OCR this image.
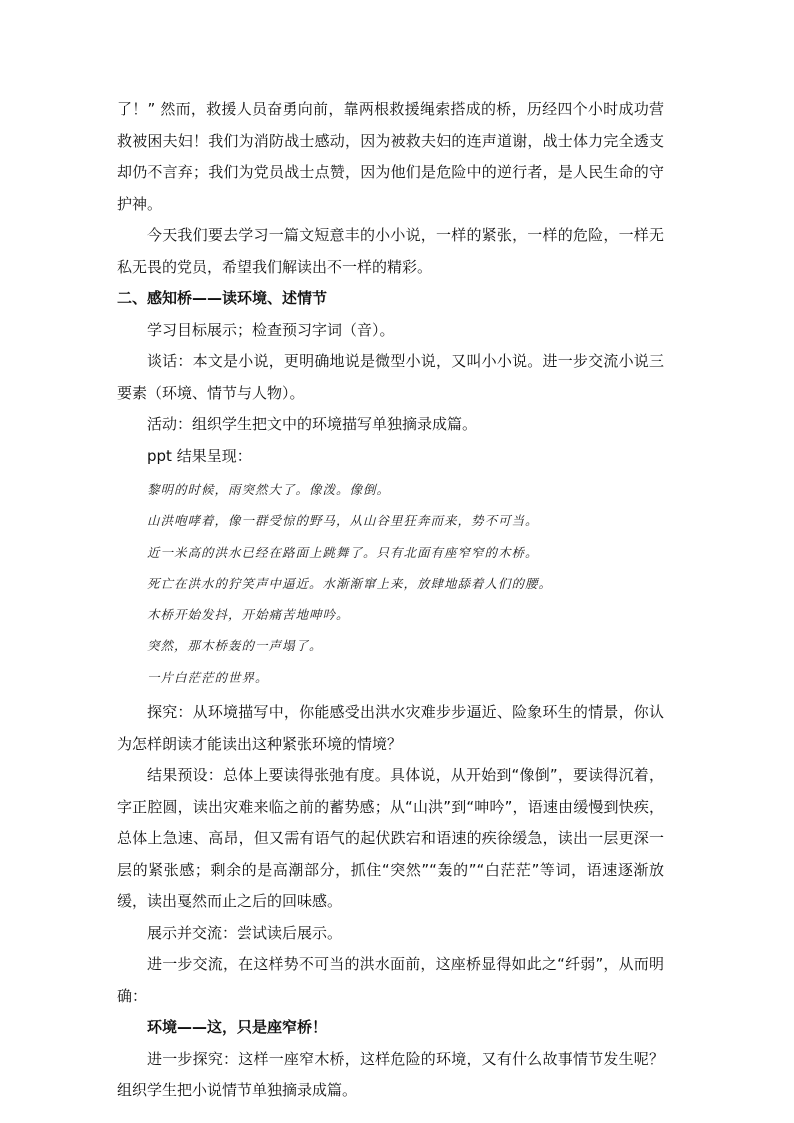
了！” 然而，救援人员奋勇向前，靠两根救援绳索搭成的桥，历经四个小时成功营救被困夫妇！我们为消防战士感动，因为被救夫妇的连声道谢，战士体力完全透支却仍不言弃；我们为党员战士点赞，因为他们是危险中的逆行者，是人民生命的守护神。

今天我们要去学习一篇文短意丰的小小说，一样的紧张，一样的危险，一样无私无畏的党员，希望我们解读出不一样的精彩。

二、感知桥——读环境、述情节

学习目标展示；检查预习字词（音）。

谈话：本文是小说，更明确地说是微型小说，又叫小小说。进一步交流小说三要素（环境、情节与人物）。

活动：组织学生把文中的环境描写单独摘录成篇。

ppt 结果呈现：

黎明的时候，雨突然大了。像泼。像倒。

山洪咆哮着，像一群受惊的野马，从山谷里狂奔而来，势不可当。

近一米高的洪水已经在路面上跳舞了。只有北面有座窄窄的木桥。

死亡在洪水的狞笑声中逼近。水渐渐窜上来，放肆地舔着人们的腰。

木桥开始发抖，开始痛苦地呻吟。

突然，那木桥轰的一声塌了。

一片白茫茫的世界。

探究：从环境描写中，你能感受出洪水灾难步步逼近、险象环生的情景，你认为怎样朗读才能读出这种紧张环境的情境？

结果预设：总体上要读得张弛有度。具体说，从开始到“像倒”，要读得沉着，字正腔圆，读出灾难来临之前的蓄势感；从“山洪”到“呻吟”，语速由缓慢到快疾，总体上急速、高昂，但又需有语气的起伏跌宕和语速的疾徐缓急，读出一层更深一层的紧张感；剩余的是高潮部分，抓住“突然”“轰的”“白茫茫”等词，语速逐渐放缓，读出戛然而止之后的回味感。

展示并交流：尝试读后展示。

进一步交流，在这样势不可当的洪水面前，这座桥显得如此之“纤弱”，从而明确：

环境——这，只是座窄桥！

进一步探究：这样一座窄木桥，这样危险的环境，又有什么故事情节发生呢？组织学生把小说情节单独摘录成篇。
